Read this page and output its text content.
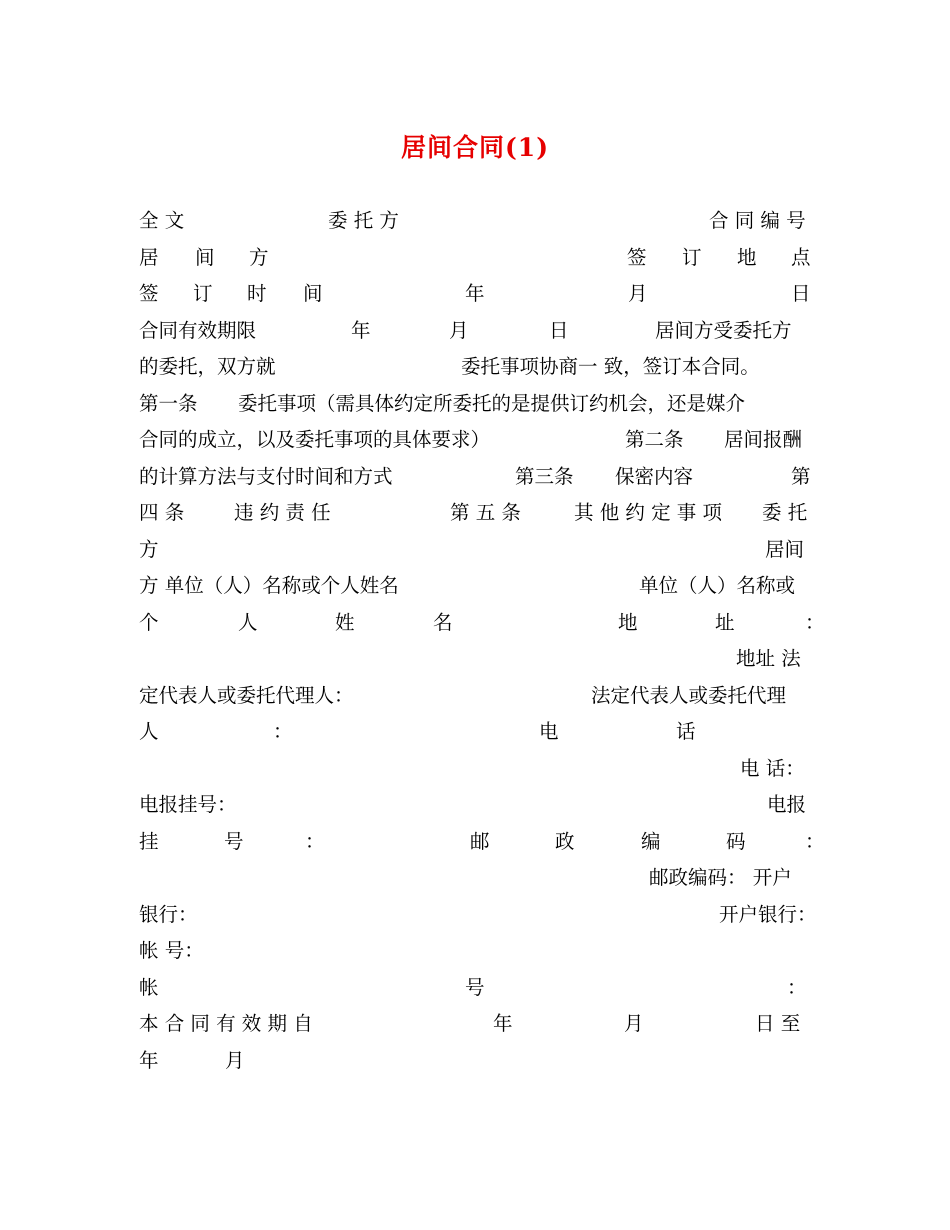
居间合同(1)
全 文	委 托 方	合 同 编 号
居 间 方	签 订 地 点
签 订 时 间	年	月	日
合同有效期限	年	月	日	居间方受委托方
的委托，双方就	委托事项协商一 致，签订本合同。
第一条 委托事项（需具体约定所委托的是提供订约机会，还是媒介
合同的成立，以及委托事项的具体要求）	第二条 居间报酬
的计算方法与支付时间和方式	第三条 保密内容	第
四 条	违 约 责 任	第 五 条	其 他 约 定 事 项 委 托
方	居间
方 单位（人）名称或个人姓名	单位（人）名称或
个	人	姓	名	地	址	：
地址 法
定代表人或委托代理人：	法定代表人或委托代理
人	：	电	话
电 话：
电报挂号：	电报
挂	号	：	邮	政	编	码	：
邮政编码： 开户
银行：	开户银行：
帐 号：
帐	号	：
本 合 同 有 效 期 自	年	月	日 至
年	月
